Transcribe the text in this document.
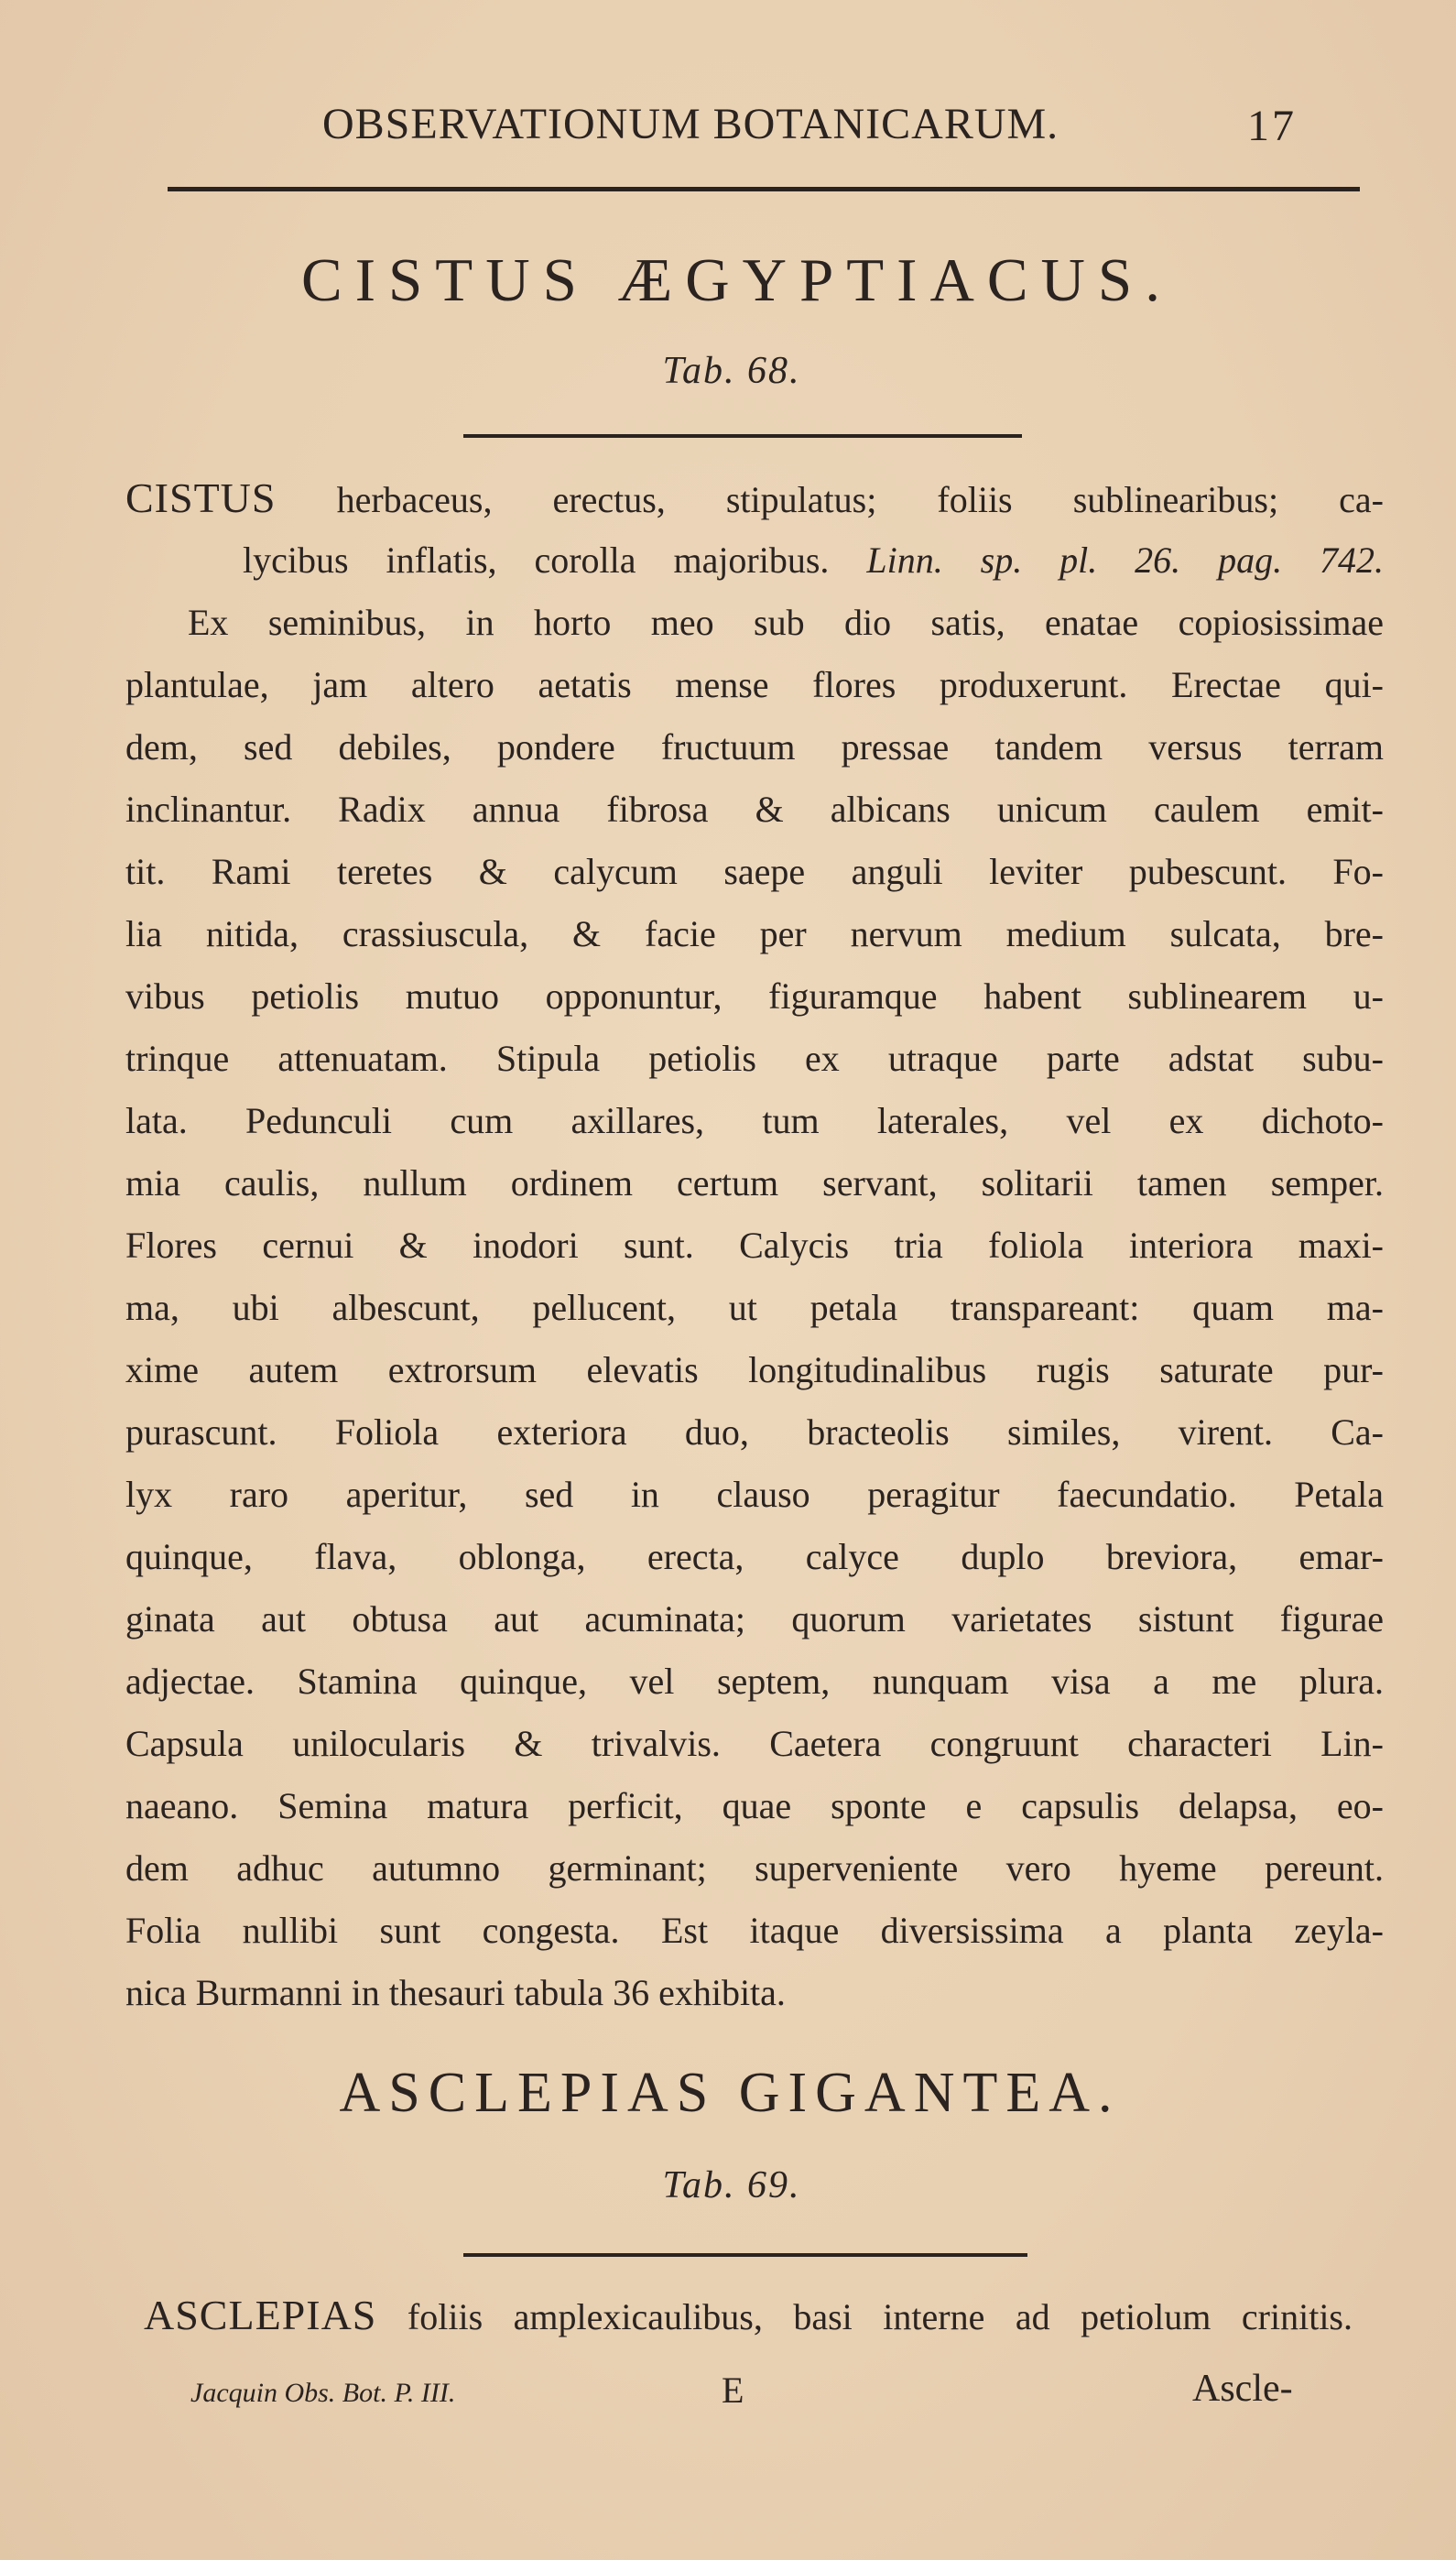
OBSERVATIONUM BOTANICARUM.	17
CISTUS ÆGYPTIACUS.
Tab. 68.
CISTUS herbaceus, erectus, stipulatus; foliis sublinearibus; ca-
lycibus inflatis, corolla majoribus. Linn. sp. pl. 26. pag. 742.
Ex seminibus, in horto meo sub dio satis, enatae copiosissimae
plantulae, jam altero aetatis mense flores produxerunt. Erectae qui-
dem, sed debiles, pondere fructuum pressae tandem versus terram
inclinantur. Radix annua fibrosa & albicans unicum caulem emit-
tit. Rami teretes & calycum saepe anguli leviter pubescunt. Fo-
lia nitida, crassiuscula, & facie per nervum medium sulcata, bre-
vibus petiolis mutuo opponuntur, figuramque habent sublinearem u-
trinque attenuatam. Stipula petiolis ex utraque parte adstat subu-
lata. Pedunculi cum axillares, tum laterales, vel ex dichoto-
mia caulis, nullum ordinem certum servant, solitarii tamen semper.
Flores cernui & inodori sunt. Calycis tria foliola interiora maxi-
ma, ubi albescunt, pellucent, ut petala transpareant: quam ma-
xime autem extrorsum elevatis longitudinalibus rugis saturate pur-
purascunt. Foliola exteriora duo, bracteolis similes, virent. Ca-
lyx raro aperitur, sed in clauso peragitur faecundatio. Petala
quinque, flava, oblonga, erecta, calyce duplo breviora, emar-
ginata aut obtusa aut acuminata; quorum varietates sistunt figurae
adjectae. Stamina quinque, vel septem, nunquam visa a me plura.
Capsula unilocularis & trivalvis. Caetera congruunt characteri Lin-
naeano. Semina matura perficit, quae sponte e capsulis delapsa, eo-
dem adhuc autumno germinant; superveniente vero hyeme pereunt.
Folia nullibi sunt congesta. Est itaque diversissima a planta zeyla-
nica Burmanni in thesauri tabula 36 exhibita.
ASCLEPIAS GIGANTEA.
Tab. 69.
ASCLEPIAS foliis amplexicaulibus, basi interne ad petiolum crinitis.
Jacquin Obs. Bot. P. III.	E	Ascle-
